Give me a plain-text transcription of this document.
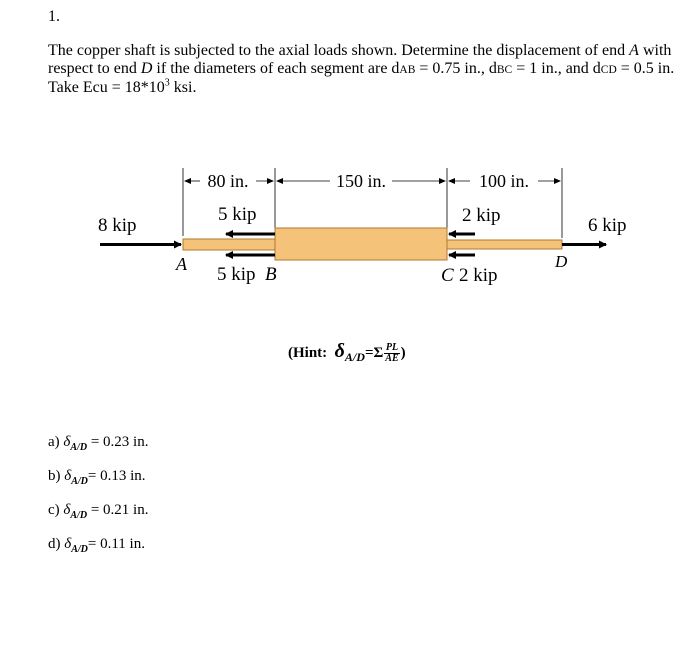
1.
The copper shaft is subjected to the axial loads shown. Determine the displacement of end A with respect to end D if the diameters of each segment are dAB = 0.75 in., dBC = 1 in., and dCD = 0.5 in. Take Ecu = $18*10^3$ ksi.
80 in.	150 in.	100 in.
8 kip
5 kip
5 kip B
2 kip
C 2 kip
6 kip
A	D
(Hint: $\delta_{A/D}=\Sigma \frac{PL}{AE}$ )
a) $\delta_{A/D} = 0.23$ in.
b) $\delta_{A/D}= 0.13$ in.
c) $\delta_{A/D} = 0.21$ in.
d) $\delta_{A/D}= 0.11$ in.
